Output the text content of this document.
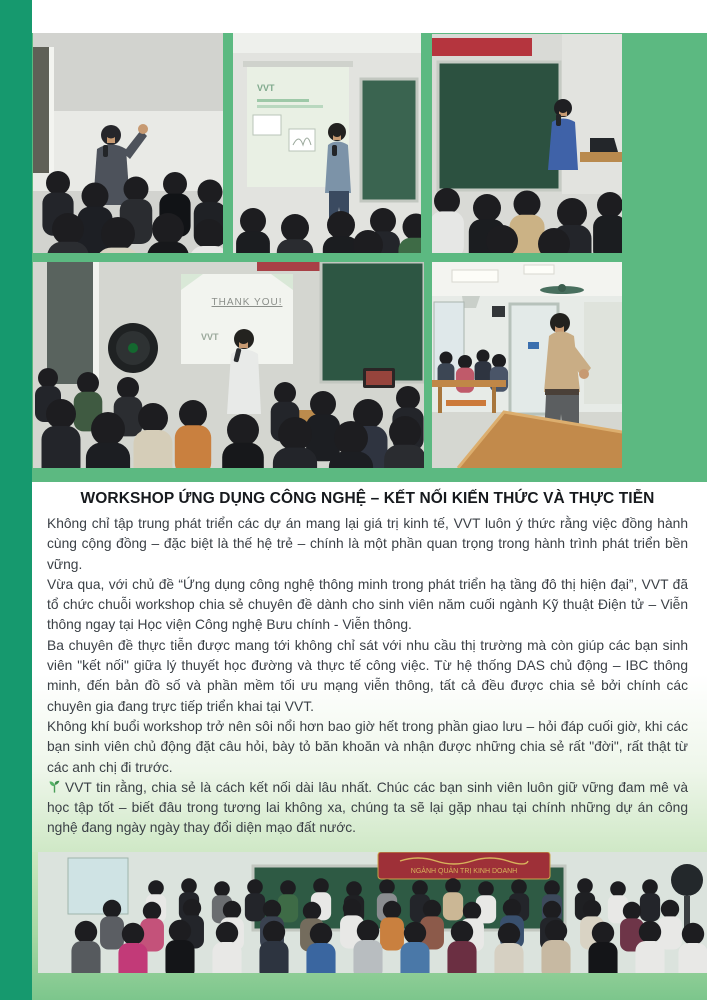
VVT
THANK YOU!
VVT
WORKSHOP ỨNG DỤNG CÔNG NGHỆ – KẾT NỐI KIẾN THỨC VÀ THỰC TIỄN

Không chỉ tập trung phát triển các dự án mang lại giá trị kinh tế, VVT luôn ý thức rằng việc đồng hành cùng cộng đồng – đặc biệt là thế hệ trẻ – chính là một phần quan trọng trong hành trình phát triển bền vững.

Vừa qua, với chủ đề “Ứng dụng công nghệ thông minh trong phát triển hạ tầng đô thị hiện đại”, VVT đã tổ chức chuỗi workshop chia sẻ chuyên đề dành cho sinh viên năm cuối ngành Kỹ thuật Điện tử – Viễn thông ngay tại Học viện Công nghệ Bưu chính - Viễn thông.

Ba chuyên đề thực tiễn được mang tới không chỉ sát với nhu cầu thị trường mà còn giúp các bạn sinh viên "kết nối" giữa lý thuyết học đường và thực tế công việc. Từ hệ thống DAS chủ động – IBC thông minh, đến bản đồ số và phần mềm tối ưu mạng viễn thông, tất cả đều được chia sẻ bởi chính các chuyên gia đang trực tiếp triển khai tại VVT.

Không khí buổi workshop trở nên sôi nổi hơn bao giờ hết trong phần giao lưu – hỏi đáp cuối giờ, khi các bạn sinh viên chủ động đặt câu hỏi, bày tỏ băn khoăn và nhận được những chia sẻ rất "đời", rất thật từ các anh chị đi trước.

VVT tin rằng, chia sẻ là cách kết nối dài lâu nhất. Chúc các bạn sinh viên luôn giữ vững đam mê và học tập tốt – biết đâu trong tương lai không xa, chúng ta sẽ lại gặp nhau tại chính những dự án công nghệ đang ngày ngày thay đổi diện mạo đất nước.

NGÀNH QUẢN TRỊ KINH DOANH
